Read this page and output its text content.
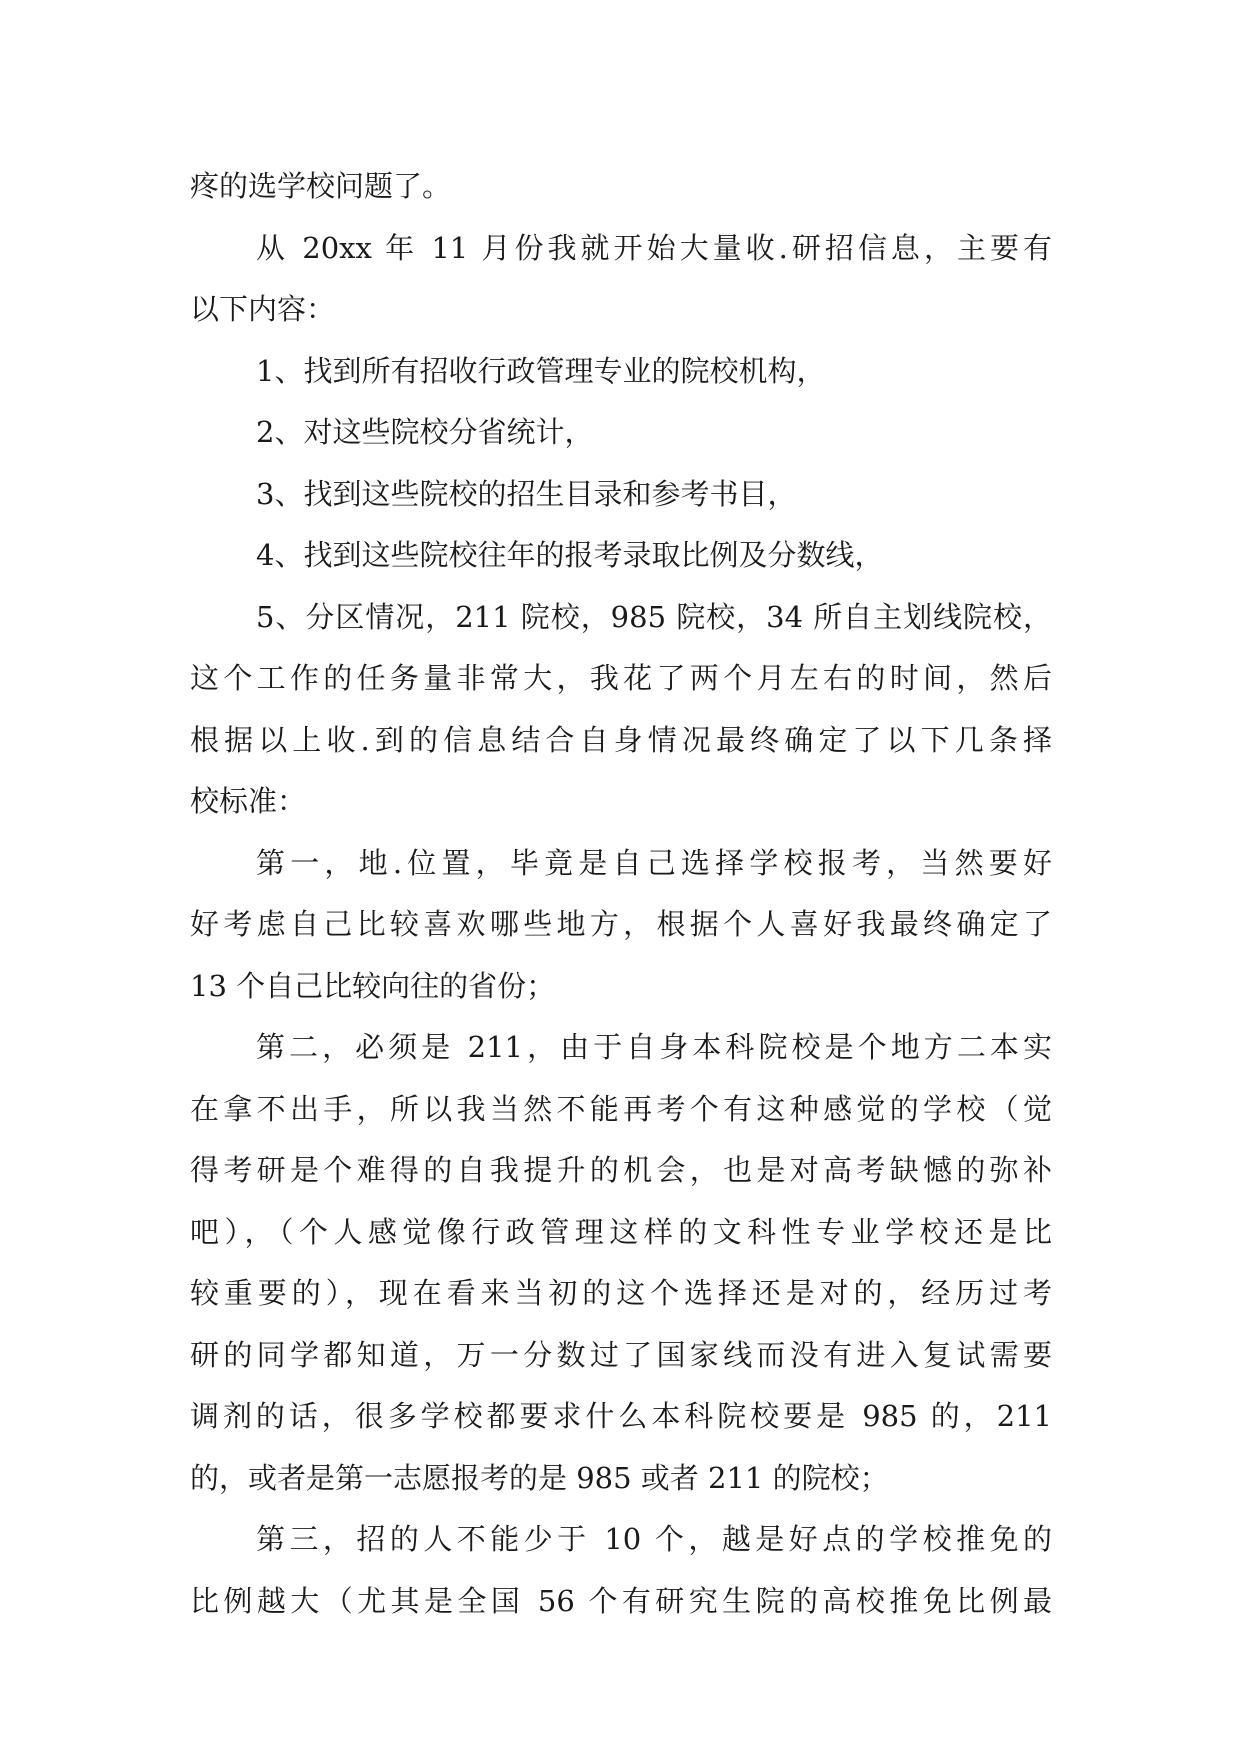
疼的选学校问题了。
从 20xx 年 11 月份我就开始大量收.研招信息，主要有
以下内容：
1、找到所有招收行政管理专业的院校机构，
2、对这些院校分省统计，
3、找到这些院校的招生目录和参考书目，
4、找到这些院校往年的报考录取比例及分数线，
5、分区情况，211 院校，985 院校，34 所自主划线院校，
这个工作的任务量非常大，我花了两个月左右的时间，然后
根据以上收.到的信息结合自身情况最终确定了以下几条择
校标准：
第一，地.位置，毕竟是自己选择学校报考，当然要好
好考虑自己比较喜欢哪些地方，根据个人喜好我最终确定了
13 个自己比较向往的省份；
第二，必须是 211，由于自身本科院校是个地方二本实
在拿不出手，所以我当然不能再考个有这种感觉的学校（觉
得考研是个难得的自我提升的机会，也是对高考缺憾的弥补
吧），（个人感觉像行政管理这样的文科性专业学校还是比
较重要的），现在看来当初的这个选择还是对的，经历过考
研的同学都知道，万一分数过了国家线而没有进入复试需要
调剂的话，很多学校都要求什么本科院校要是 985 的，211
的，或者是第一志愿报考的是 985 或者 211 的院校；
第三，招的人不能少于 10 个，越是好点的学校推免的
比例越大（尤其是全国 56 个有研究生院的高校推免比例最
